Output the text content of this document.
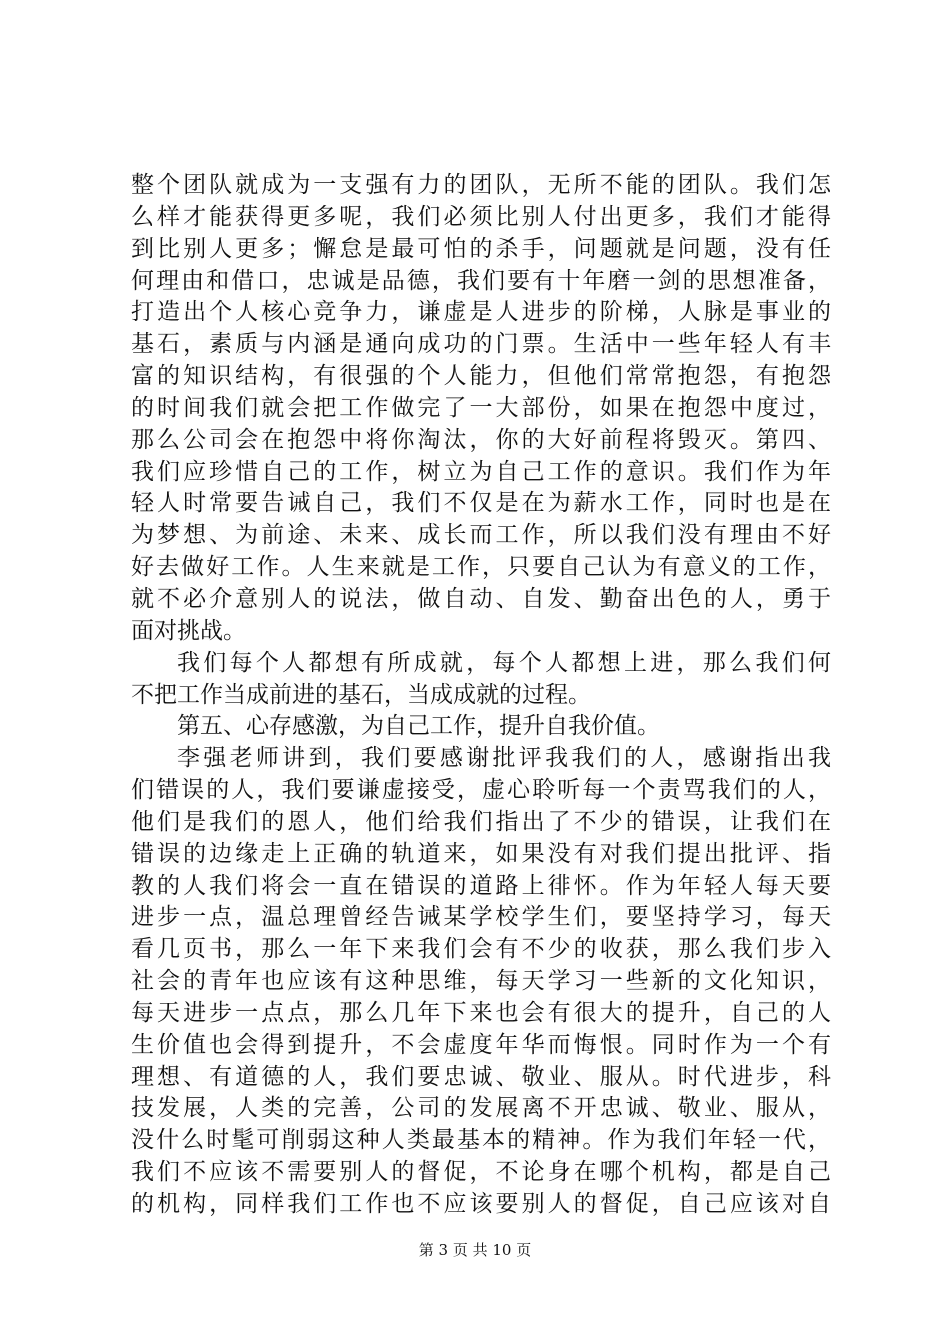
整个团队就成为一支强有力的团队，无所不能的团队。我们怎
么样才能获得更多呢，我们必须比别人付出更多，我们才能得
到比别人更多；懈怠是最可怕的杀手，问题就是问题，没有任
何理由和借口，忠诚是品德，我们要有十年磨一剑的思想准备，
打造出个人核心竞争力，谦虚是人进步的阶梯，人脉是事业的
基石，素质与内涵是通向成功的门票。生活中一些年轻人有丰
富的知识结构，有很强的个人能力，但他们常常抱怨，有抱怨
的时间我们就会把工作做完了一大部份，如果在抱怨中度过，
那么公司会在抱怨中将你淘汰，你的大好前程将毁灭。第四、
我们应珍惜自己的工作，树立为自己工作的意识。我们作为年
轻人时常要告诫自己，我们不仅是在为薪水工作，同时也是在
为梦想、为前途、未来、成长而工作，所以我们没有理由不好
好去做好工作。人生来就是工作，只要自己认为有意义的工作，
就不必介意别人的说法，做自动、自发、勤奋出色的人，勇于
面对挑战。
我们每个人都想有所成就，每个人都想上进，那么我们何
不把工作当成前进的基石，当成成就的过程。
第五、心存感激，为自己工作，提升自我价值。
李强老师讲到，我们要感谢批评我我们的人，感谢指出我
们错误的人，我们要谦虚接受，虚心聆听每一个责骂我们的人，
他们是我们的恩人，他们给我们指出了不少的错误，让我们在
错误的边缘走上正确的轨道来，如果没有对我们提出批评、指
教的人我们将会一直在错误的道路上徘怀。作为年轻人每天要
进步一点，温总理曾经告诫某学校学生们，要坚持学习，每天
看几页书，那么一年下来我们会有不少的收获，那么我们步入
社会的青年也应该有这种思维，每天学习一些新的文化知识，
每天进步一点点，那么几年下来也会有很大的提升，自己的人
生价值也会得到提升，不会虚度年华而悔恨。同时作为一个有
理想、有道德的人，我们要忠诚、敬业、服从。时代进步，科
技发展，人类的完善，公司的发展离不开忠诚、敬业、服从，
没什么时髦可削弱这种人类最基本的精神。作为我们年轻一代，
我们不应该不需要别人的督促，不论身在哪个机构，都是自己
的机构，同样我们工作也不应该要别人的督促，自己应该对自
第 3 页 共 10 页
